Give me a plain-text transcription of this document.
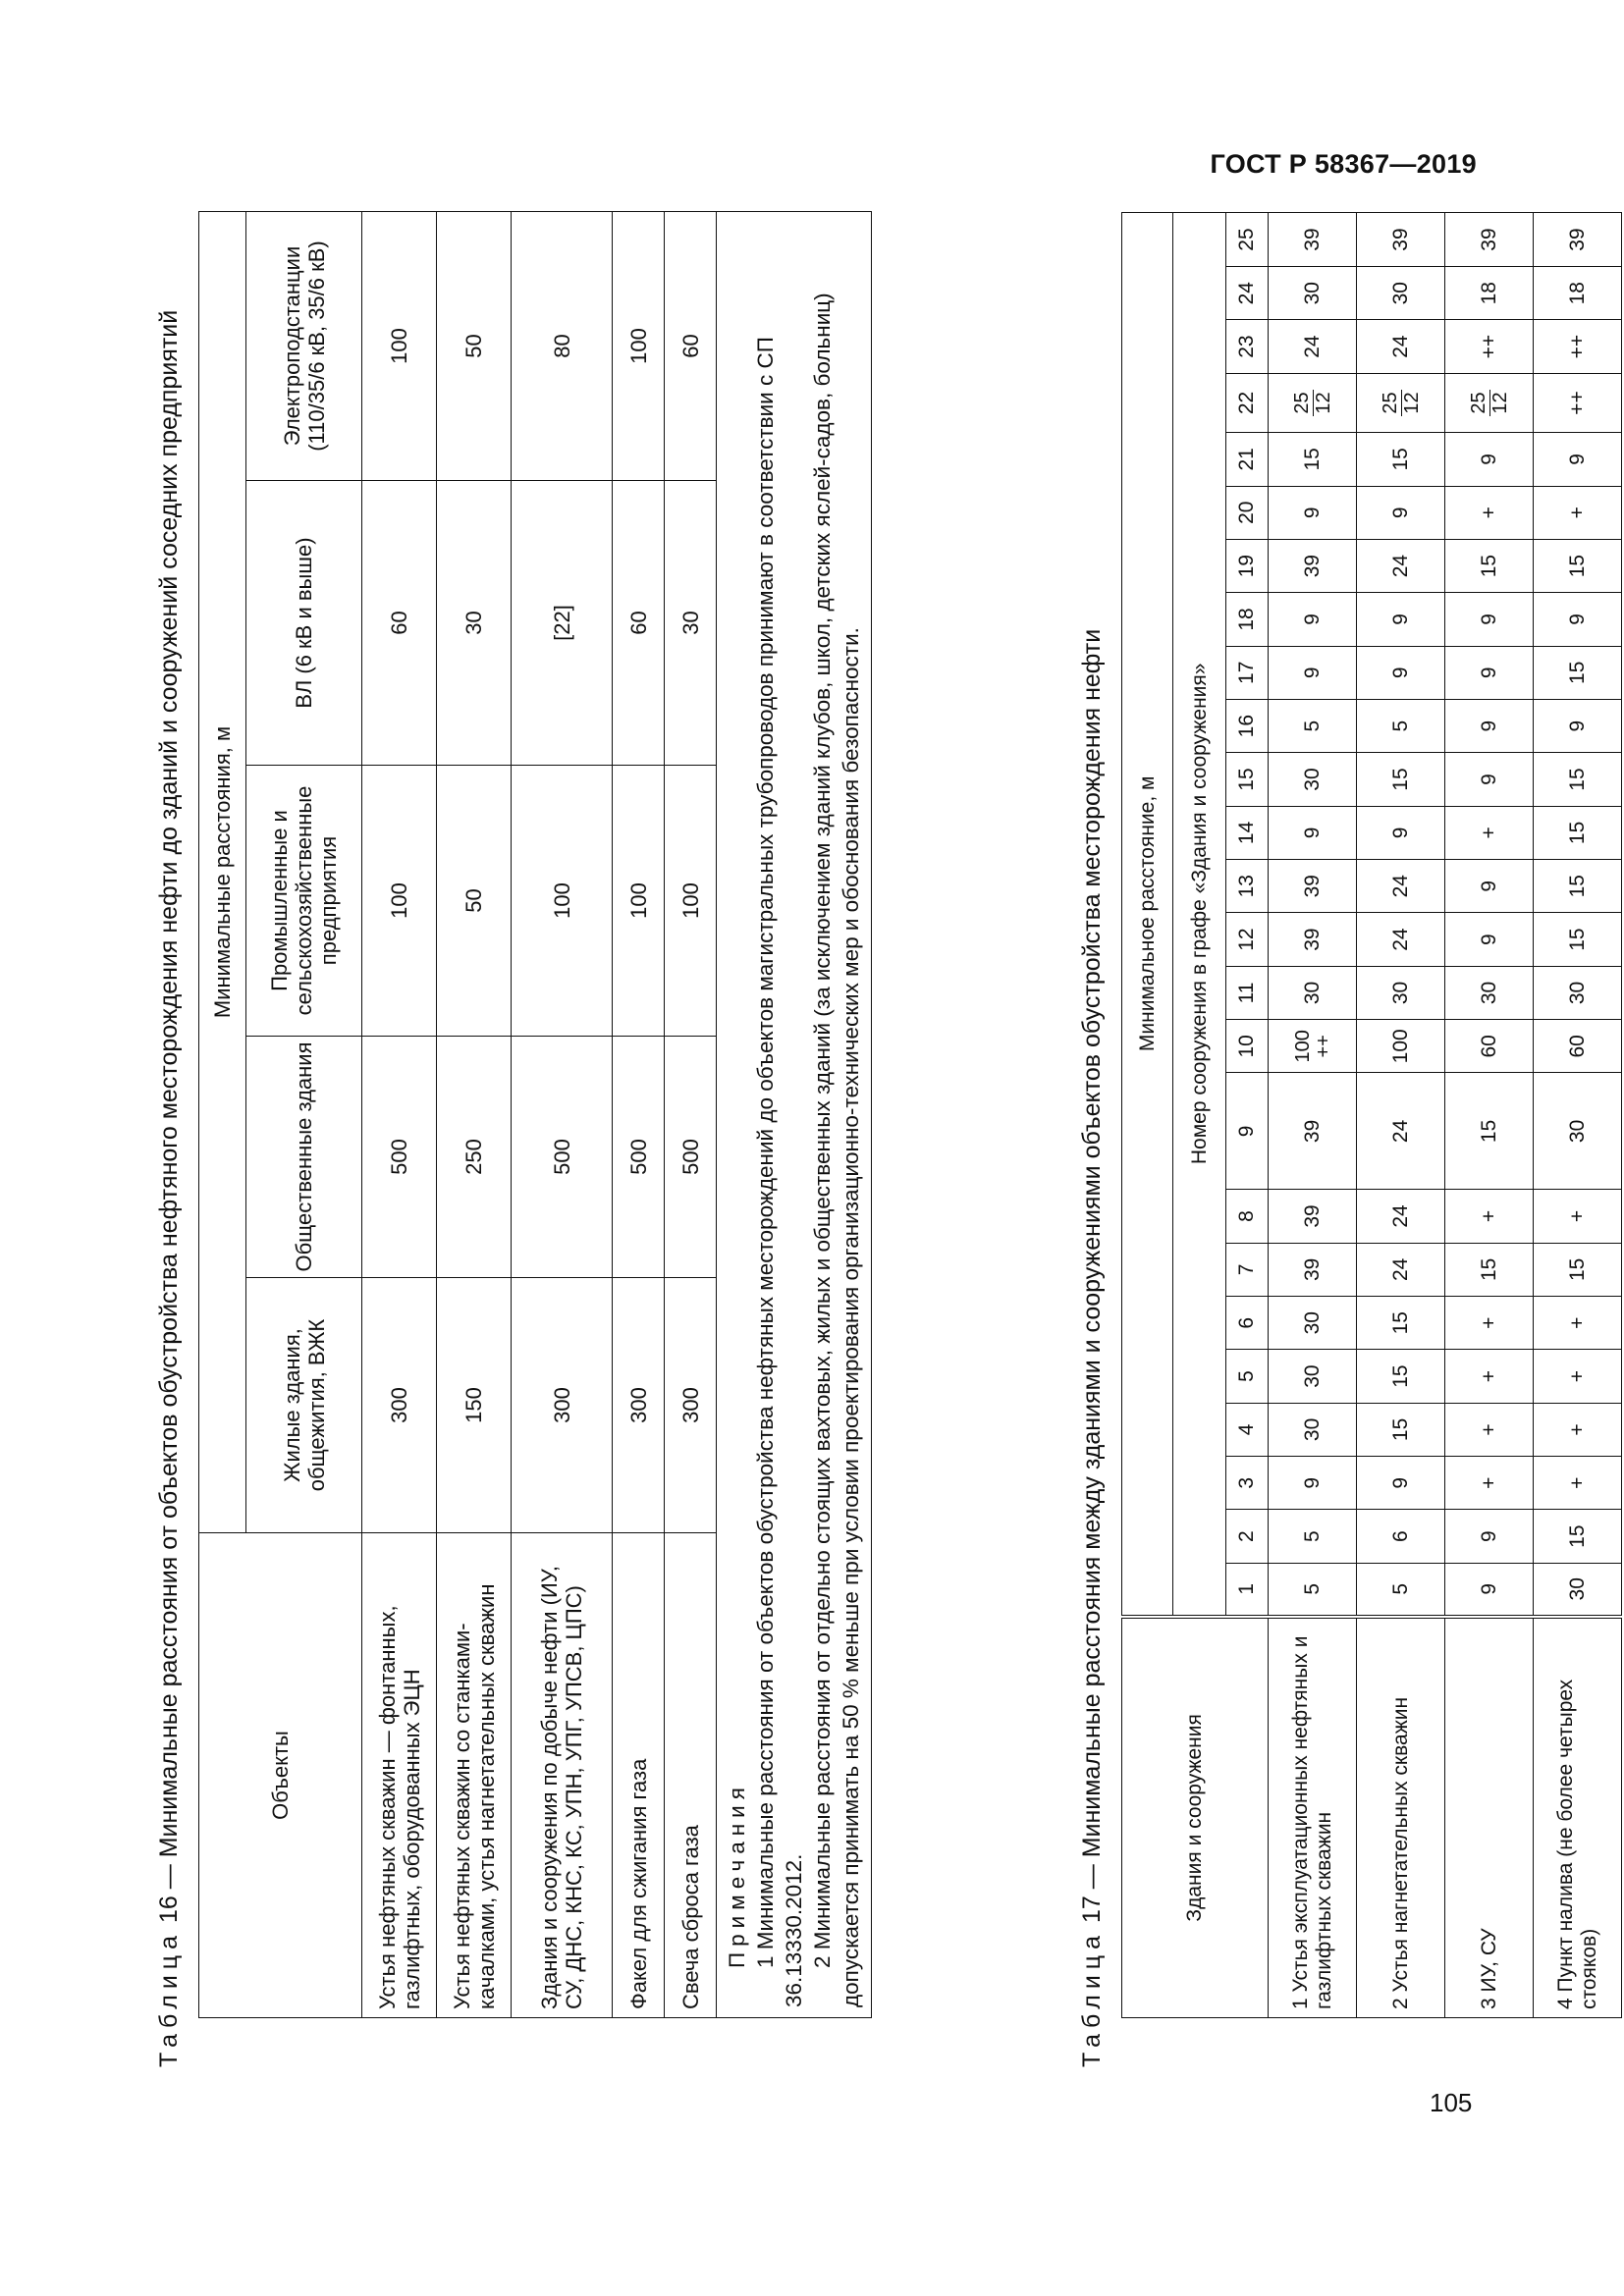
ГОСТ Р 58367—2019
105
Таблица 16 — Минимальные расстояния от объектов обустройства нефтяного месторождения нефти до зданий и сооружений соседних предприятий	Объекты	Минимальные расстояния, м				
	Жилые здания, общежития, ВЖК	Общественные здания	Промышленные и сельскохозяйственные предприятия	ВЛ (6 кВ и выше)	Электроподстанции (110/35/6 кВ, 35/6 кВ)
Устья нефтяных скважин — фонтанных, газлифтных, оборудованных ЭЦН	300	500	100	60	100
Устья нефтяных скважин со станками-качалками, устья нагнетательных скважин	150	250	50	30	50
Здания и сооружения по добыче нефти (ИУ, СУ, ДНС, КНС, КС, УПН, УПГ, УПСВ, ЦПС)	300	500	100	[22]	80
Факел для сжигания газа	300	500	100	60	100
Свеча сброса газа	300	500	100	30	60

Примечания 1 Минимальные расстояния от объектов обустройства нефтяных месторождений до объектов магистральных трубопроводов принимают в соответствии с СП 36.13330.2012. 2 Минимальные расстояния от отдельно стоящих вахтовых, жилых и общественных зданий (за исключением зданий клубов, школ, детских яслей-садов, больниц) допускается принимать на 50 % меньше при условии проектирования организационно-технических мер и обоснования безопасности.						Таблица 17 — Минимальные расстояния между зданиями и сооружениями объектов обустройства месторождения нефти	Здания и сооружения	Минимальное расстояние, м																								
	Номер сооружения в графе «Здания и сооружения»																								
	1	2	3	4	5	6	7	8	9	10	11	12	13	14	15	16	17	18	19	20	21	22	23	24	25
1 Устья эксплуатационных нефтяных и газлифтных скважин	5	5	9	30	30	30	39	39	39	100 ++	30	39	39	9	30	5	9	9	39	9	15	25 12	24	30	39
2 Устья нагнетательных скважин	5	6	9	15	15	15	24	24	24	100	30	24	24	9	15	5	9	9	24	9	15	25 12	24	30	39
3 ИУ, СУ	9	9	+	+	+	+	15	+	15	60	30	9	9	+	9	9	9	9	15	+	9	25 12	++	18	39
4 Пункт налива (не более четырех стояков)	30	15	+	+	+	+	15	+	30	60	30	15	15	15	15	9	15	9	15	+	9	++	++	18	39
